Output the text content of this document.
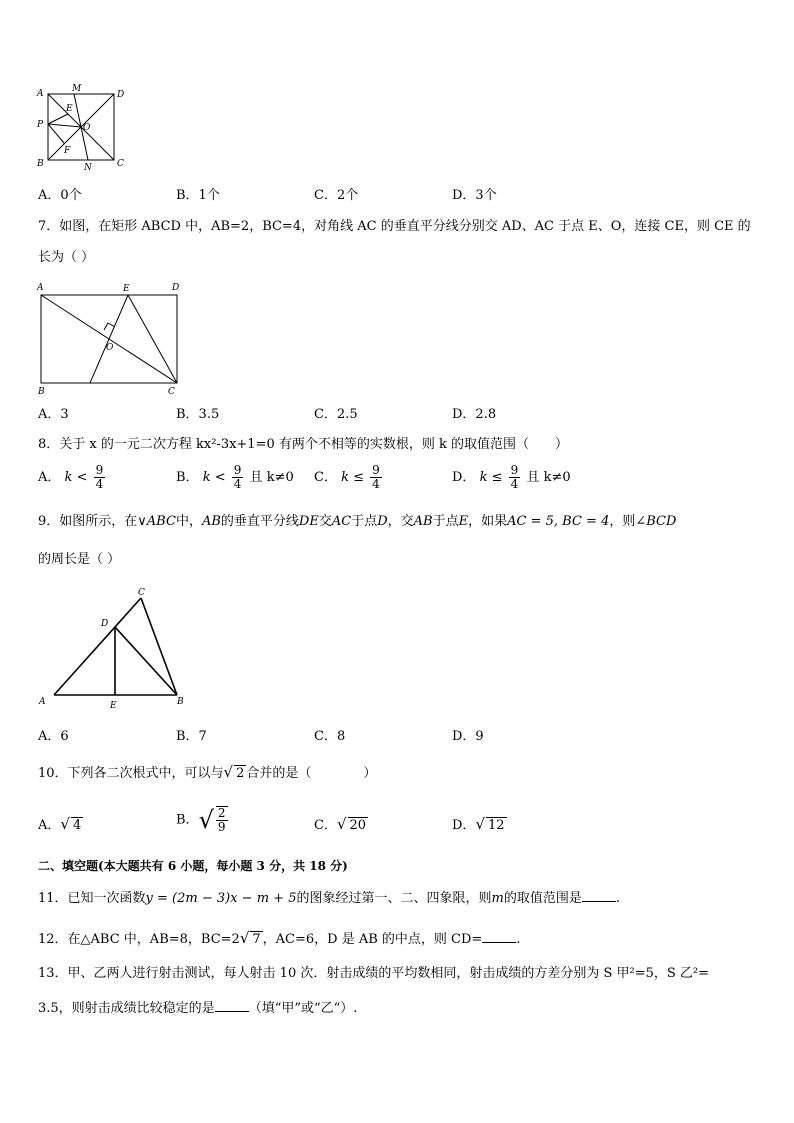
A	M
D
E
P	O
F
B	N	C
A．0个	B．1个	C．2个	D．3个
7．如图，在矩形 ABCD 中，AB=2，BC=4，对角线 AC 的垂直平分线分别交 AD、AC 于点 E、O，连接 CE，则 CE 的
长为（ ）
A	E	D
O
B	C
A．3	B．3.5	C．2.5	D．2.8
8．关于 x 的一元二次方程 kx²-3x+1=0 有两个不相等的实数根，则 k 的取值范围（　　）
A． $k < \frac{9}{4}$	B． $k < \frac{9}{4}$ 且 k≠0 C． $k \le \frac{9}{4}$	D． $k \le \frac{9}{4}$ 且 k≠0
9．如图所示，在∨ABC中，AB的垂直平分线DE交AC于点D，交AB于点E，如果AC = 5, BC = 4，则∠BCD
的周长是（ ）
C
D
A	E	B
A．6	B．7	C．8	D．9
10．下列各二次根式中，可以与√ 2 合并的是（　　　　）
A．√ 4	B．√ $\frac{2}{9}$	C．√ 20	D．√ 12
二、填空题(本大题共有 6 小题，每小题 3 分，共 18 分)
11．已知一次函数y = (2m − 3)x − m + 5的图象经过第一、二、四象限，则m的取值范围是	.
12．在△ABC 中，AB=8，BC=2√ 7 ，AC=6，D 是 AB 的中点，则 CD=	.
13．甲、乙两人进行射击测试，每人射击 10 次．射击成绩的平均数相同，射击成绩的方差分别为 S 甲²=5，S 乙²=
3.5，则射击成绩比较稳定的是	（填“甲”或“乙“）.
